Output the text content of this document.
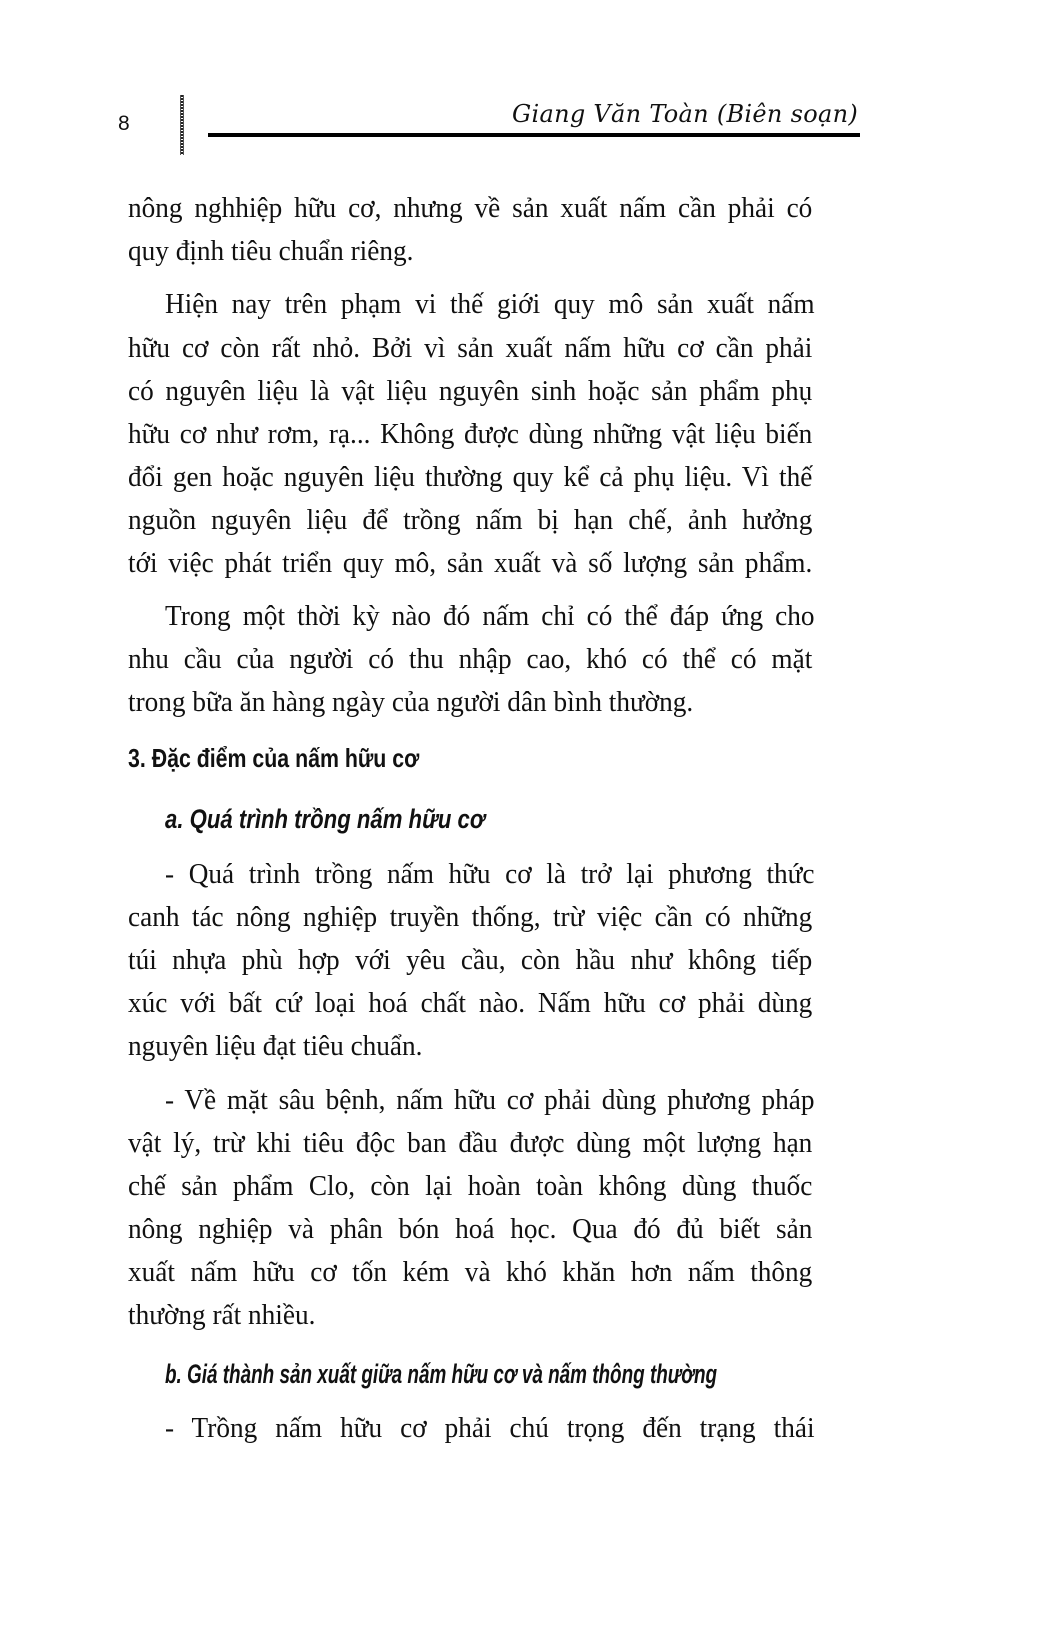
8	Giang Văn Toàn (Biên soạn)
nông nghhiệp hữu cơ, nhưng về sản xuất nấm cần phải có
quy định tiêu chuẩn riêng.
Hiện nay trên phạm vi thế giới quy mô sản xuất nấm
hữu cơ còn rất nhỏ. Bởi vì sản xuất nấm hữu cơ cần phải
có nguyên liệu là vật liệu nguyên sinh hoặc sản phẩm phụ
hữu cơ như rơm, rạ... Không được dùng những vật liệu biến
đổi gen hoặc nguyên liệu thường quy kể cả phụ liệu. Vì thế
nguồn nguyên liệu để trồng nấm bị hạn chế, ảnh hưởng
tới việc phát triển quy mô, sản xuất và số lượng sản phẩm.
Trong một thời kỳ nào đó nấm chỉ có thể đáp ứng cho
nhu cầu của người có thu nhập cao, khó có thể có mặt
trong bữa ăn hàng ngày của người dân bình thường.
3. Đặc điểm của nấm hữu cơ
a. Quá trình trồng nấm hữu cơ
- Quá trình trồng nấm hữu cơ là trở lại phương thức
canh tác nông nghiệp truyền thống, trừ việc cần có những
túi nhựa phù hợp với yêu cầu, còn hầu như không tiếp
xúc với bất cứ loại hoá chất nào. Nấm hữu cơ phải dùng
nguyên liệu đạt tiêu chuẩn.
- Về mặt sâu bệnh, nấm hữu cơ phải dùng phương pháp
vật lý, trừ khi tiêu độc ban đầu được dùng một lượng hạn
chế sản phẩm Clo, còn lại hoàn toàn không dùng thuốc
nông nghiệp và phân bón hoá học. Qua đó đủ biết sản
xuất nấm hữu cơ tốn kém và khó khăn hơn nấm thông
thường rất nhiều.
b. Giá thành sản xuất giữa nấm hữu cơ và nấm thông thường
- Trồng nấm hữu cơ phải chú trọng đến trạng thái
